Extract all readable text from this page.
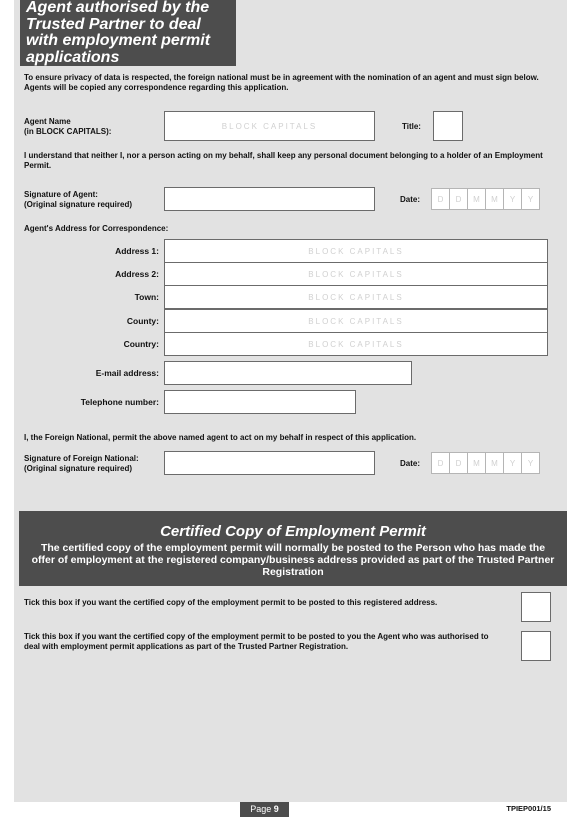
Agent authorised by the Trusted Partner to deal with employment permit applications
To ensure privacy of data is respected, the foreign national must be in agreement with the nomination of an agent and must sign below. Agents will be copied any correspondence regarding this application.
Agent Name
(in BLOCK CAPITALS):
BLOCK CAPITALS	Title:
I understand that neither I, nor a person acting on my behalf, shall keep any personal document belonging to a holder of an Employment Permit.
Signature of Agent:
(Original signature required)
Date:	D	D	M	M	Y	Y
Agent's Address for Correspondence:
Address 1:	BLOCK CAPITALS
Address 2:	BLOCK CAPITALS
Town:	BLOCK CAPITALS
County:	BLOCK CAPITALS
Country:	BLOCK CAPITALS
E-mail address:
Telephone number:
I, the Foreign National, permit the above named agent to act on my behalf in respect of this application.
Signature of Foreign National:
(Original signature required)
Date:	D	D	M	M	Y	Y
Certified Copy of Employment Permit
The certified copy of the employment permit will normally be posted to the Person who has made the offer of employment at the registered company/business address provided as part of the Trusted Partner Registration
Tick this box if you want the certified copy of the employment permit to be posted to this registered address.
Tick this box if you want the certified copy of the employment permit to be posted to you the Agent who was authorised to deal with employment permit applications as part of the Trusted Partner Registration.
Page 9	TPIEP001/15
